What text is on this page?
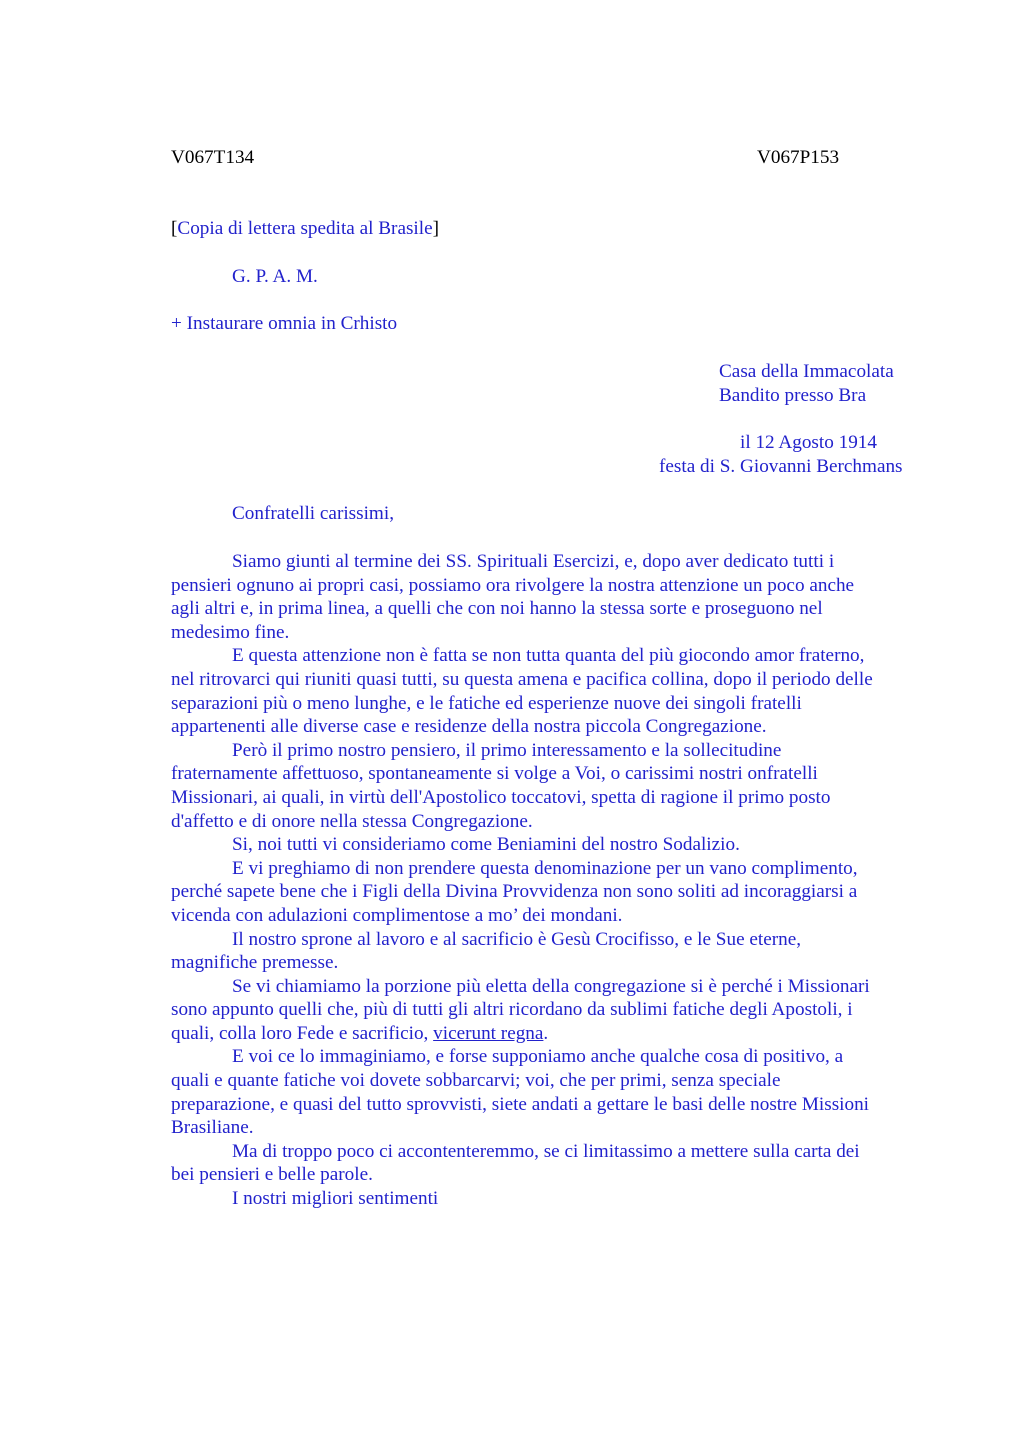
V067T134	V067P153
[Copia di lettera spedita al Brasile]
G. P. A. M.
+ Instaurare omnia in Crhisto
Casa della Immacolata
Bandito presso Bra
il 12 Agosto 1914
festa di S. Giovanni Berchmans
Confratelli carissimi,
Siamo giunti al termine dei SS. Spirituali Esercizi, e, dopo aver dedicato tutti i
pensieri ognuno ai propri casi, possiamo ora rivolgere la nostra attenzione un poco anche
agli altri e, in prima linea, a quelli che con noi hanno la stessa sorte e proseguono nel
medesimo fine.
E questa attenzione non è fatta se non tutta quanta del più giocondo amor fraterno,
nel ritrovarci qui riuniti quasi tutti, su questa amena e pacifica collina, dopo il periodo delle
separazioni più o meno lunghe, e le fatiche ed esperienze nuove dei singoli fratelli
appartenenti alle diverse case e residenze della nostra piccola Congregazione.
Però il primo nostro pensiero, il primo interessamento e la sollecitudine
fraternamente affettuoso, spontaneamente si volge a Voi, o carissimi nostri onfratelli
Missionari, ai quali, in virtù dell'Apostolico toccatovi, spetta di ragione il primo posto
d'affetto e di onore nella stessa Congregazione.
Si, noi tutti vi consideriamo come Beniamini del nostro Sodalizio.
E vi preghiamo di non prendere questa denominazione per un vano complimento,
perché sapete bene che i Figli della Divina Provvidenza non sono soliti ad incoraggiarsi a
vicenda con adulazioni complimentose a mo’ dei mondani.
Il nostro sprone al lavoro e al sacrificio è Gesù Crocifisso, e le Sue eterne,
magnifiche premesse.
Se vi chiamiamo la porzione più eletta della congregazione si è perché i Missionari
sono appunto quelli che, più di tutti gli altri ricordano da sublimi fatiche degli Apostoli, i
quali, colla loro Fede e sacrificio, vicerunt regna.
E voi ce lo immaginiamo, e forse supponiamo anche qualche cosa di positivo, a
quali e quante fatiche voi dovete sobbarcarvi; voi, che per primi, senza speciale
preparazione, e quasi del tutto sprovvisti, siete andati a gettare le basi delle nostre Missioni
Brasiliane.
Ma di troppo poco ci accontenteremmo, se ci limitassimo a mettere sulla carta dei
bei pensieri e belle parole.
I nostri migliori sentimenti
